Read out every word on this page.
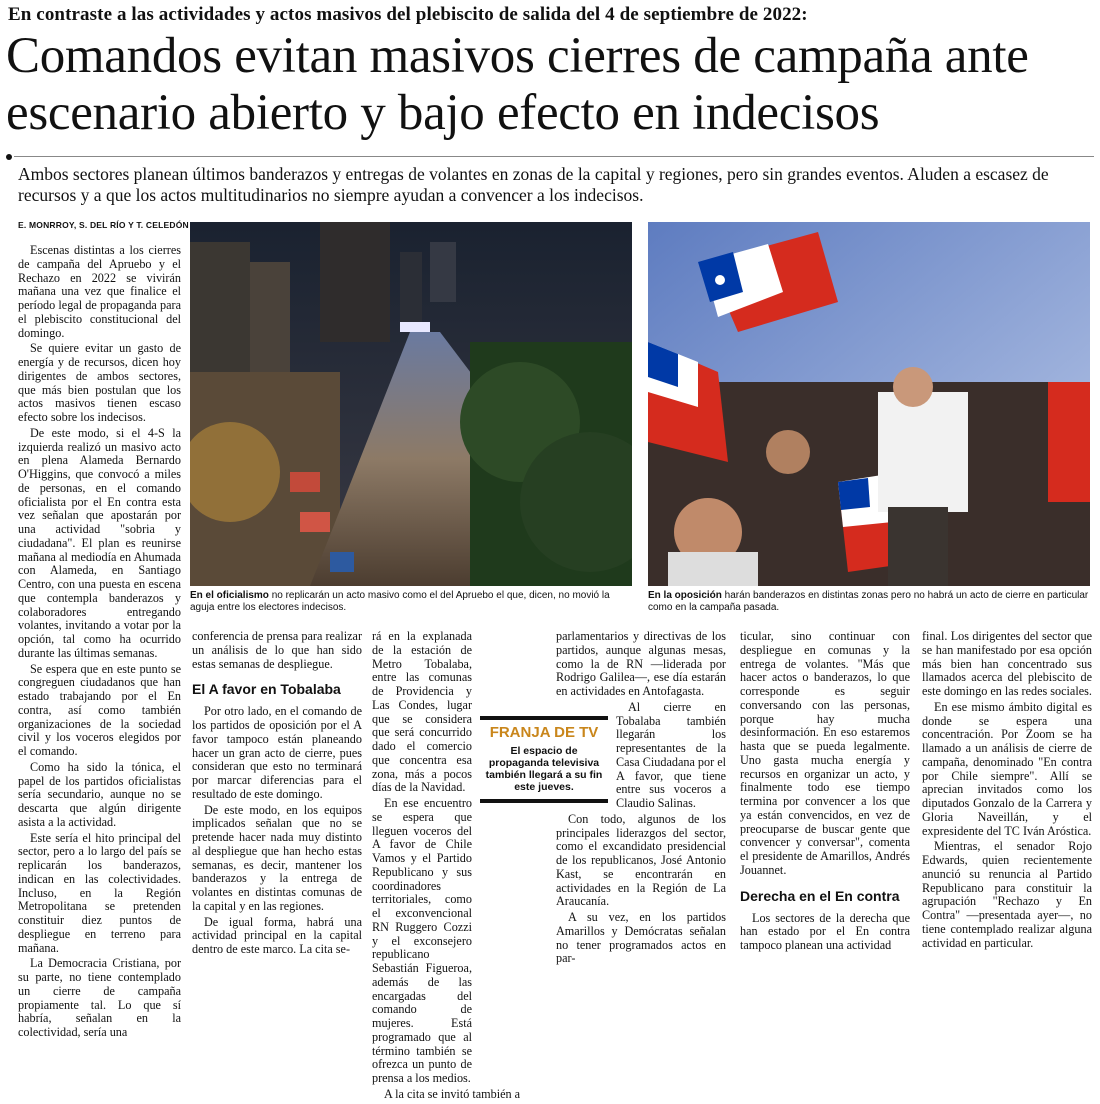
En contraste a las actividades y actos masivos del plebiscito de salida del 4 de septiembre de 2022:
Comandos evitan masivos cierres de campaña ante escenario abierto y bajo efecto en indecisos
Ambos sectores planean últimos banderazos y entregas de volantes en zonas de la capital y regiones, pero sin grandes eventos. Aluden a escasez de recursos y a que los actos multitudinarios no siempre ayudan a convencer a los indecisos.
E. MONRROY, S. DEL RÍO Y T. CELEDÓN

Escenas distintas a los cierres de campaña del Apruebo y el Rechazo en 2022 se vivirán mañana una vez que finalice el período legal de propaganda para el plebiscito constitucional del domingo.

Se quiere evitar un gasto de energía y de recursos, dicen hoy dirigentes de ambos sectores, que más bien postulan que los actos masivos tienen escaso efecto sobre los indecisos.

De este modo, si el 4-S la izquierda realizó un masivo acto en plena Alameda Bernardo O'Higgins, que convocó a miles de personas, en el comando oficialista por el En contra esta vez señalan que apostarán por una actividad "sobria y ciudadana". El plan es reunirse mañana al mediodía en Ahumada con Alameda, en Santiago Centro, con una puesta en escena que contempla banderazos y colaboradores entregando volantes, invitando a votar por la opción, tal como ha ocurrido durante las últimas semanas.

Se espera que en este punto se congreguen ciudadanos que han estado trabajando por el En contra, así como también organizaciones de la sociedad civil y los voceros elegidos por el comando.

Como ha sido la tónica, el papel de los partidos oficialistas sería secundario, aunque no se descarta que algún dirigente asista a la actividad.

Este sería el hito principal del sector, pero a lo largo del país se replicarán los banderazos, indican en las colectividades. Incluso, en la Región Metropolitana se pretenden constituir diez puntos de despliegue en terreno para mañana.

La Democracia Cristiana, por su parte, no tiene contemplado un cierre de campaña propiamente tal. Lo que sí habría, señalan en la colectividad, sería una

En el oficialismo no replicarán un acto masivo como el del Apruebo el que, dicen, no movió la aguja entre los electores indecisos.
En la oposición harán banderazos en distintas zonas pero no habrá un acto de cierre en particular como en la campaña pasada.

conferencia de prensa para realizar un análisis de lo que han sido estas semanas de despliegue.

El A favor en Tobalaba

Por otro lado, en el comando de los partidos de oposición por el A favor tampoco están planeando hacer un gran acto de cierre, pues consideran que esto no terminará por marcar diferencias para el resultado de este domingo.

De este modo, en los equipos implicados señalan que no se pretende hacer nada muy distinto al despliegue que han hecho estas semanas, es decir, mantener los banderazos y la entrega de volantes en distintas comunas de la capital y en las regiones.

De igual forma, habrá una actividad principal en la capital dentro de este marco. La cita se-

rá en la explanada de la estación de Metro Tobalaba, entre las comunas de Providencia y Las Condes, lugar que se considera que será concurrido dado el comercio que concentra esa zona, más a pocos días de la Navidad.

En ese encuentro se espera que lleguen voceros del A favor de Chile Vamos y el Partido Republicano y sus coordinadores territoriales, como el exconvencional RN Ruggero Cozzi y el exconsejero republicano Sebastián Figueroa, además de las encargadas del comando de mujeres. Está programado que al término también se ofrezca un punto de prensa a los medios.

A la cita se invitó también a

FRANJA DE TV
El espacio de propaganda televisiva también llegará a su fin este jueves.

parlamentarios y directivas de los partidos, aunque algunas mesas, como la de RN —liderada por Rodrigo Galilea—, ese día estarán en actividades en Antofagasta.

Al cierre en Tobalaba también llegarán los representantes de la Casa Ciudadana por el A favor, que tiene entre sus voceros a Claudio Salinas.

Con todo, algunos de los principales liderazgos del sector, como el excandidato presidencial de los republicanos, José Antonio Kast, se encontrarán en actividades en la Región de La Araucanía.

A su vez, en los partidos Amarillos y Demócratas señalan no tener programados actos en par-

ticular, sino continuar con despliegue en comunas y la entrega de volantes. "Más que hacer actos o banderazos, lo que corresponde es seguir conversando con las personas, porque hay mucha desinformación. En eso estaremos hasta que se pueda legalmente. Uno gasta mucha energía y recursos en organizar un acto, y finalmente todo ese tiempo termina por convencer a los que ya están convencidos, en vez de preocuparse de buscar gente que convencer y conversar", comenta el presidente de Amarillos, Andrés Jouannet.

Derecha en el En contra

Los sectores de la derecha que han estado por el En contra tampoco planean una actividad

final. Los dirigentes del sector que se han manifestado por esa opción más bien han concentrado sus llamados acerca del plebiscito de este domingo en las redes sociales.

En ese mismo ámbito digital es donde se espera una concentración. Por Zoom se ha llamado a un análisis de cierre de campaña, denominado "En contra por Chile siempre". Allí se aprecian invitados como los diputados Gonzalo de la Carrera y Gloria Naveillán, y el expresidente del TC Iván Aróstica.

Mientras, el senador Rojo Edwards, quien recientemente anunció su renuncia al Partido Republicano para constituir la agrupación "Rechazo y En Contra" —presentada ayer—, no tiene contemplado realizar alguna actividad en particular.
